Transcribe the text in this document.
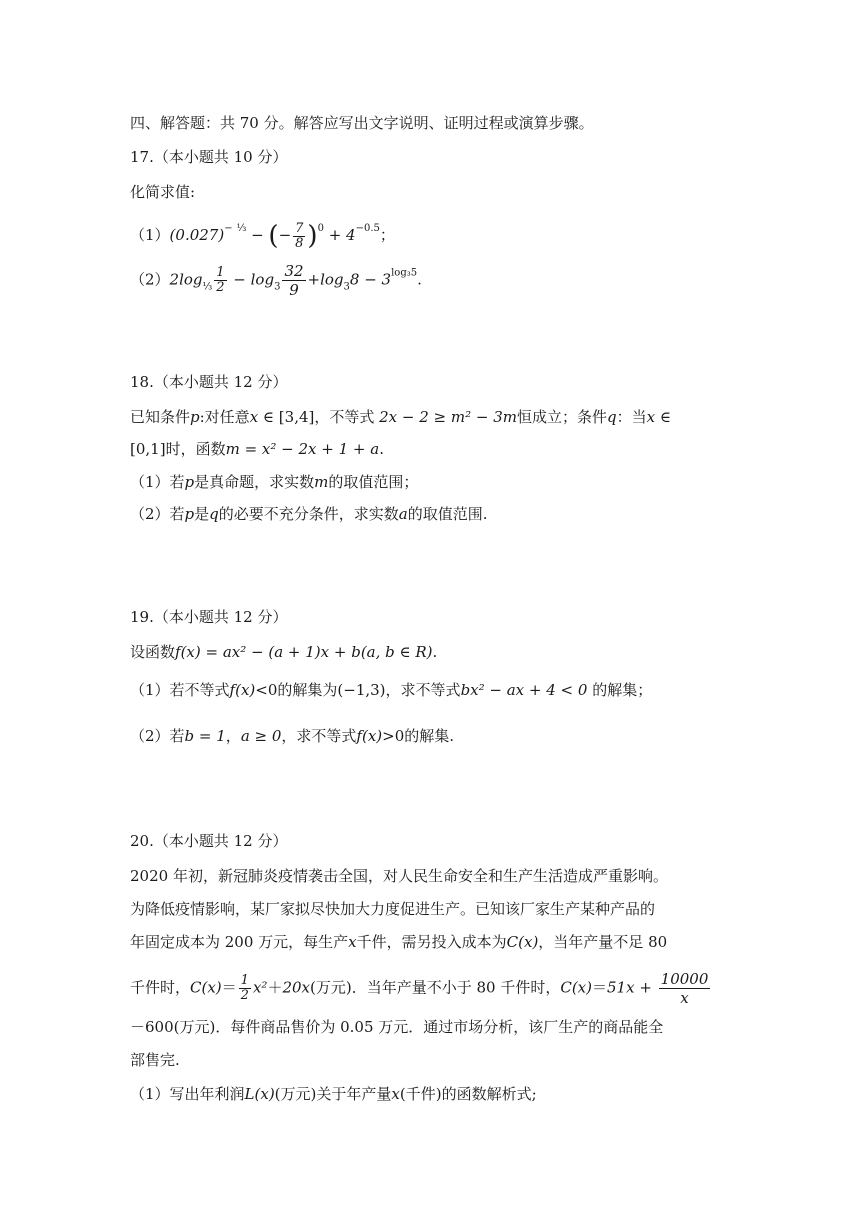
四、解答题：共 70 分。解答应写出文字说明、证明过程或演算步骤。
17.（本小题共 10 分）
化简求值:
$(1)(0.027)^{- \frac{1}{3}}$ − (− $\frac{7}{8} )^0 + 4^{-0.5}$；
$(2)2\log_{\frac{1}{3}} \frac{1}{2} - \log_3 \frac{32}{9} +\log_38 - 3^{log_35}$.
18.（本小题共 12 分）
已知条件p:对任意x ∈ [3,4]，不等式 2x − 2 ≥ m² − 3m恒成立；条件q：当x ∈
[0,1]时，函数m = x² − 2x + 1 + a.
（1）若p是真命题，求实数m的取值范围；
（2）若p是q的必要不充分条件，求实数a的取值范围.
19.（本小题共 12 分）
设函数f(x) = ax² − (a + 1)x + b(a, b ∈ R).
（1）若不等式f(x)<0的解集为(−1,3)，求不等式bx² − ax + 4 < 0 的解集；
（2）若b = 1，a ≥ 0，求不等式f(x)>0的解集.
20.（本小题共 12 分）
2020 年初，新冠肺炎疫情袭击全国，对人民生命安全和生产生活造成严重影响。
为降低疫情影响，某厂家拟尽快加大力度促进生产。已知该厂家生产某种产品的
年固定成本为 200 万元，每生产x千件，需另投入成本为C(x)，当年产量不足 80
千件时，$C(x)= \frac{1}{2} x^2+20x$(万元)．当年产量不小于 80 千件时，$C(x)=51x + \frac{10000}{x}$
－600(万元)．每件商品售价为 0.05 万元．通过市场分析，该厂生产的商品能全
部售完.
（1）写出年利润L(x)(万元)关于年产量x(千件)的函数解析式;
